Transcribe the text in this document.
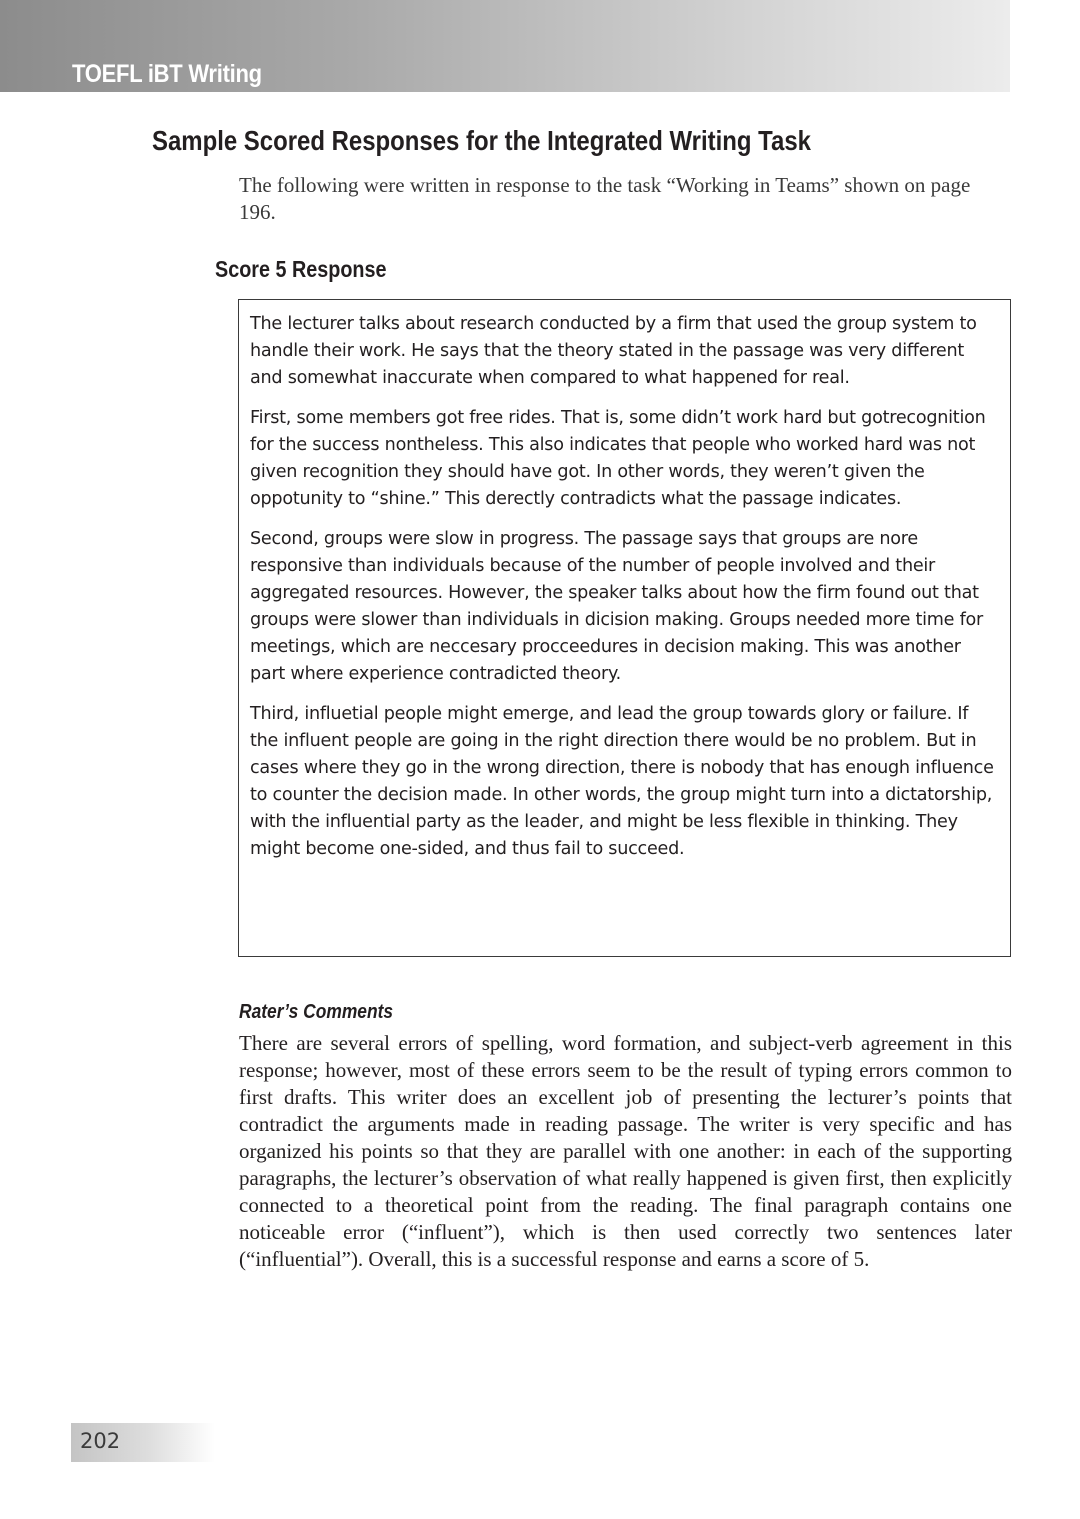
TOEFL iBT Writing
Sample Scored Responses for the Integrated Writing Task

The following were written in response to the task “Working in Teams” shown on page 196.

Score 5 Response

The lecturer talks about research conducted by a firm that used the group system to handle their work. He says that the theory stated in the passage was very different and somewhat inaccurate when compared to what happened for real.

First, some members got free rides. That is, some didn’t work hard but gotrecognition for the success nontheless. This also indicates that people who worked hard was not given recognition they should have got. In other words, they weren’t given the oppotunity to “shine.” This derectly contradicts what the passage indicates.

Second, groups were slow in progress. The passage says that groups are nore responsive than individuals because of the number of people involved and their aggregated resources. However, the speaker talks about how the firm found out that groups were slower than individuals in dicision making. Groups needed more time for meetings, which are neccesary procceedures in decision making. This was another part where experience contradicted theory.

Third, influetial people might emerge, and lead the group towards glory or failure. If the influent people are going in the right direction there would be no problem. But in cases where they go in the wrong direction, there is nobody that has enough influence to counter the decision made. In other words, the group might turn into a dictatorship, with the influential party as the leader, and might be less flexible in thinking. They might become one-sided, and thus fail to succeed.

Rater’s Comments

There are several errors of spelling, word formation, and subject-verb agreement in this response; however, most of these errors seem to be the result of typing errors common to first drafts. This writer does an excellent job of presenting the lecturer’s points that contradict the arguments made in reading passage. The writer is very specific and has organized his points so that they are parallel with one another: in each of the supporting paragraphs, the lecturer’s observation of what really happened is given first, then explicitly connected to a theoretical point from the reading. The final paragraph contains one noticeable error (“influent”), which is then used correctly two sentences later (“influential”). Overall, this is a successful response and earns a score of 5.

202
